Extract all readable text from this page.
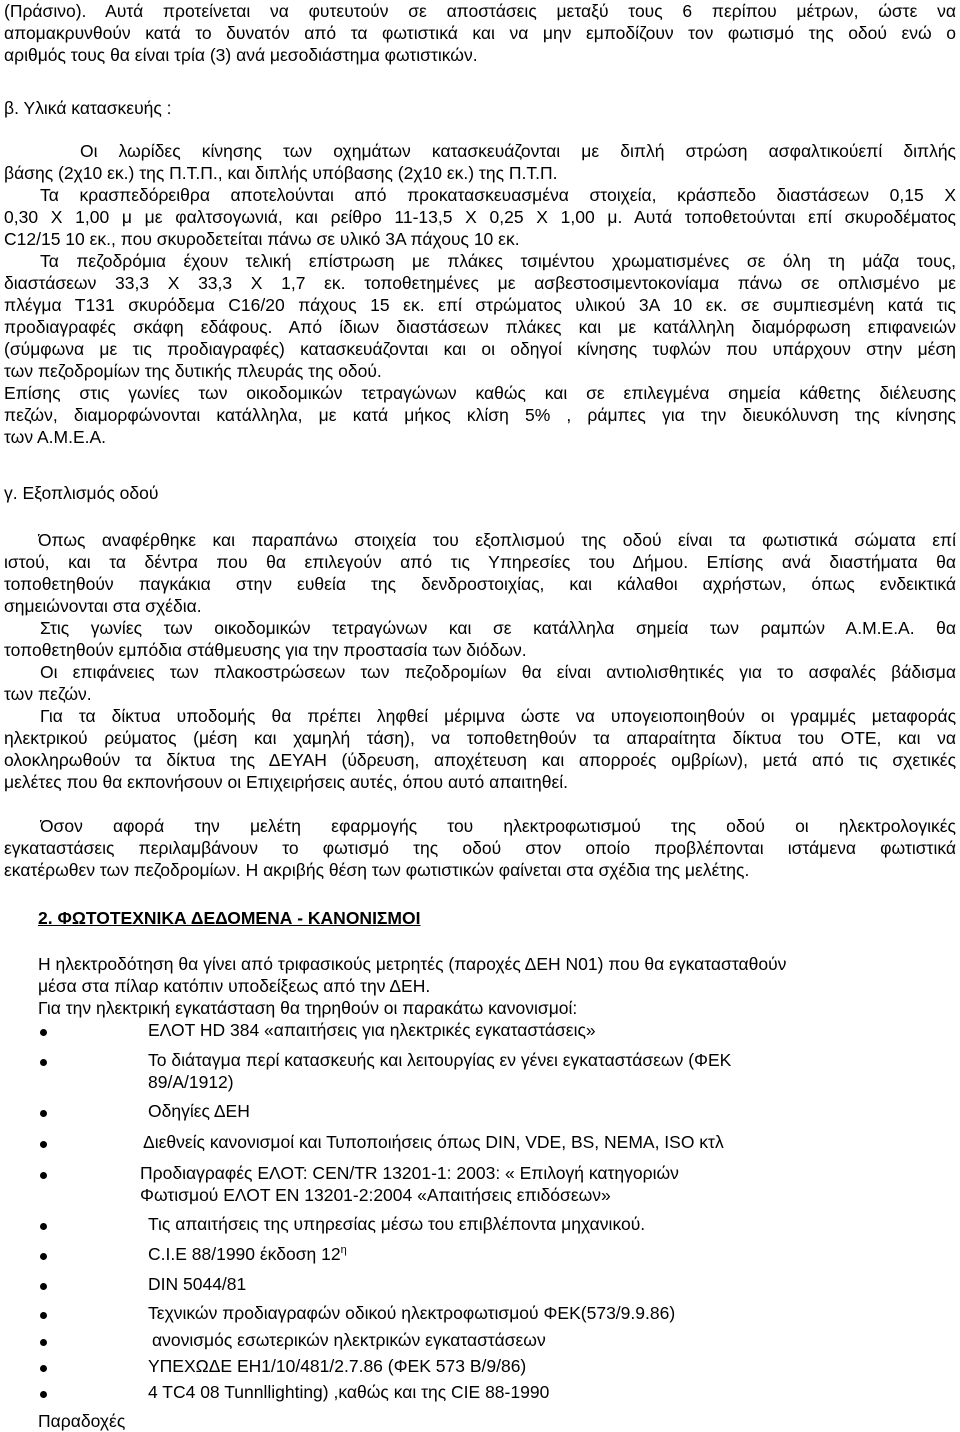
(Πράσινο). Αυτά προτείνεται να φυτευτούν σε αποστάσεις μεταξύ τους 6 περίπου μέτρων, ώστε να
απομακρυνθούν κατά το δυνατόν από τα φωτιστικά και να μην εμποδίζουν τον φωτισμό της οδού ενώ ο
αριθμός τους θα είναι τρία (3) ανά μεσοδιάστημα φωτιστικών.
β. Υλικά κατασκευής :
Οι λωρίδες κίνησης των οχημάτων κατασκευάζονται με διπλή στρώση ασφαλτικούεπί διπλής
βάσης (2χ10 εκ.) της Π.Τ.Π., και διπλής υπόβασης (2χ10 εκ.) της Π.Τ.Π.
Τα κρασπεδόρειθρα αποτελούνται από προκατασκευασμένα στοιχεία, κράσπεδο διαστάσεων 0,15 Χ
0,30 Χ 1,00 μ με φαλτσογωνιά, και ρείθρο 11-13,5 Χ 0,25 Χ 1,00 μ. Αυτά τοποθετούνται επί σκυροδέματος
C12/15 10 εκ., που σκυροδετείται πάνω σε υλικό 3Α πάχους 10 εκ.
Τα πεζοδρόμια έχουν τελική επίστρωση με πλάκες τσιμέντου χρωματισμένες σε όλη τη μάζα τους,
διαστάσεων 33,3 Χ 33,3 Χ 1,7 εκ. τοποθετημένες με ασβεστοσιμεντοκονίαμα πάνω σε οπλισμένο με
πλέγμα Τ131 σκυρόδεμα C16/20 πάχους 15 εκ. επί στρώματος υλικού 3Α 10 εκ. σε συμπιεσμένη κατά τις
προδιαγραφές σκάφη εδάφους. Από ίδιων διαστάσεων πλάκες και με κατάλληλη διαμόρφωση επιφανειών
(σύμφωνα με τις προδιαγραφές) κατασκευάζονται και οι οδηγοί κίνησης τυφλών που υπάρχουν στην μέση
των πεζοδρομίων της δυτικής πλευράς της οδού.
Επίσης στις γωνίες των οικοδομικών τετραγώνων καθώς και σε επιλεγμένα σημεία κάθετης διέλευσης
πεζών, διαμορφώνονται κατάλληλα, με κατά μήκος κλίση 5% , ράμπες για την διευκόλυνση της κίνησης
των Α.Μ.Ε.Α.
γ. Εξοπλισμός οδού
Όπως αναφέρθηκε και παραπάνω στοιχεία του εξοπλισμού της οδού είναι τα φωτιστικά σώματα επί
ιστού, και τα δέντρα που θα επιλεγούν από τις Υπηρεσίες του Δήμου. Επίσης ανά διαστήματα θα
τοποθετηθούν παγκάκια στην ευθεία της δενδροστοιχίας, και κάλαθοι αχρήστων, όπως ενδεικτικά
σημειώνονται στα σχέδια.
Στις γωνίες των οικοδομικών τετραγώνων και σε κατάλληλα σημεία των ραμπών Α.Μ.Ε.Α. θα
τοποθετηθούν εμπόδια στάθμευσης για την προστασία των διόδων.
Οι επιφάνειες των πλακοστρώσεων των πεζοδρομίων θα είναι αντιολισθητικές για το ασφαλές βάδισμα
των πεζών.
Για τα δίκτυα υποδομής θα πρέπει ληφθεί μέριμνα ώστε να υπογειοποιηθούν οι γραμμές μεταφοράς
ηλεκτρικού ρεύματος (μέση και χαμηλή τάση), να τοποθετηθούν τα απαραίτητα δίκτυα του ΟΤΕ, και να
ολοκληρωθούν τα δίκτυα της ΔΕΥΑΗ (ύδρευση, αποχέτευση και απορροές ομβρίων), μετά από τις σχετικές
μελέτες που θα εκπονήσουν οι Επιχειρήσεις αυτές, όπου αυτό απαιτηθεί.
Όσον αφορά την μελέτη εφαρμογής του ηλεκτροφωτισμού της οδού οι ηλεκτρολογικές
εγκαταστάσεις περιλαμβάνουν το φωτισμό της οδού στον οποίο προβλέπονται ιστάμενα φωτιστικά
εκατέρωθεν των πεζοδρομίων. Η ακριβής θέση των φωτιστικών φαίνεται στα σχέδια της μελέτης.
2. ΦΩΤΟΤΕΧΝΙΚΑ ΔΕΔΟΜΕΝΑ - ΚΑΝΟΝΙΣΜΟΙ
Η ηλεκτροδότηση θα γίνει από τριφασικούς μετρητές (παροχές ΔΕΗ Ν01) που θα εγκατασταθούν
μέσα στα πίλαρ κατόπιν υποδείξεως από την ΔΕΗ.
Για την ηλεκτρική εγκατάσταση θα τηρηθούν οι παρακάτω κανονισμοί:
ΕΛΟΤ HD 384 «απαιτήσεις για ηλεκτρικές εγκαταστάσεις»
Το διάταγμα περί κατασκευής και λειτουργίας εν γένει εγκαταστάσεων (ΦΕΚ
89/Α/1912)
Οδηγίες ΔΕΗ
Διεθνείς κανονισμοί και Τυποποιήσεις όπως DIN, VDE, BS, NEMA, ISO κτλ
Προδιαγραφές ΕΛΟΤ: CEN/TR 13201-1: 2003: « Επιλογή κατηγοριών
Φωτισμού ΕΛΟΤ ΕΝ 13201-2:2004 «Απαιτήσεις επιδόσεων»
Τις απαιτήσεις της υπηρεσίας μέσω του επιβλέποντα μηχανικού.
C.I.E 88/1990 έκδοση $12^\eta$
DIN 5044/81
Τεχνικών προδιαγραφών οδικού ηλεκτροφωτισμού ΦΕΚ(573/9.9.86)
ανονισμός εσωτερικών ηλεκτρικών εγκαταστάσεων
ΥΠΕΧΩΔΕ ΕΗ1/10/481/2.7.86 (ΦΕΚ 573 Β/9/86)
4 TC4 08 Tunnllighting) ,καθώς και της CIE 88-1990
Παραδοχές
